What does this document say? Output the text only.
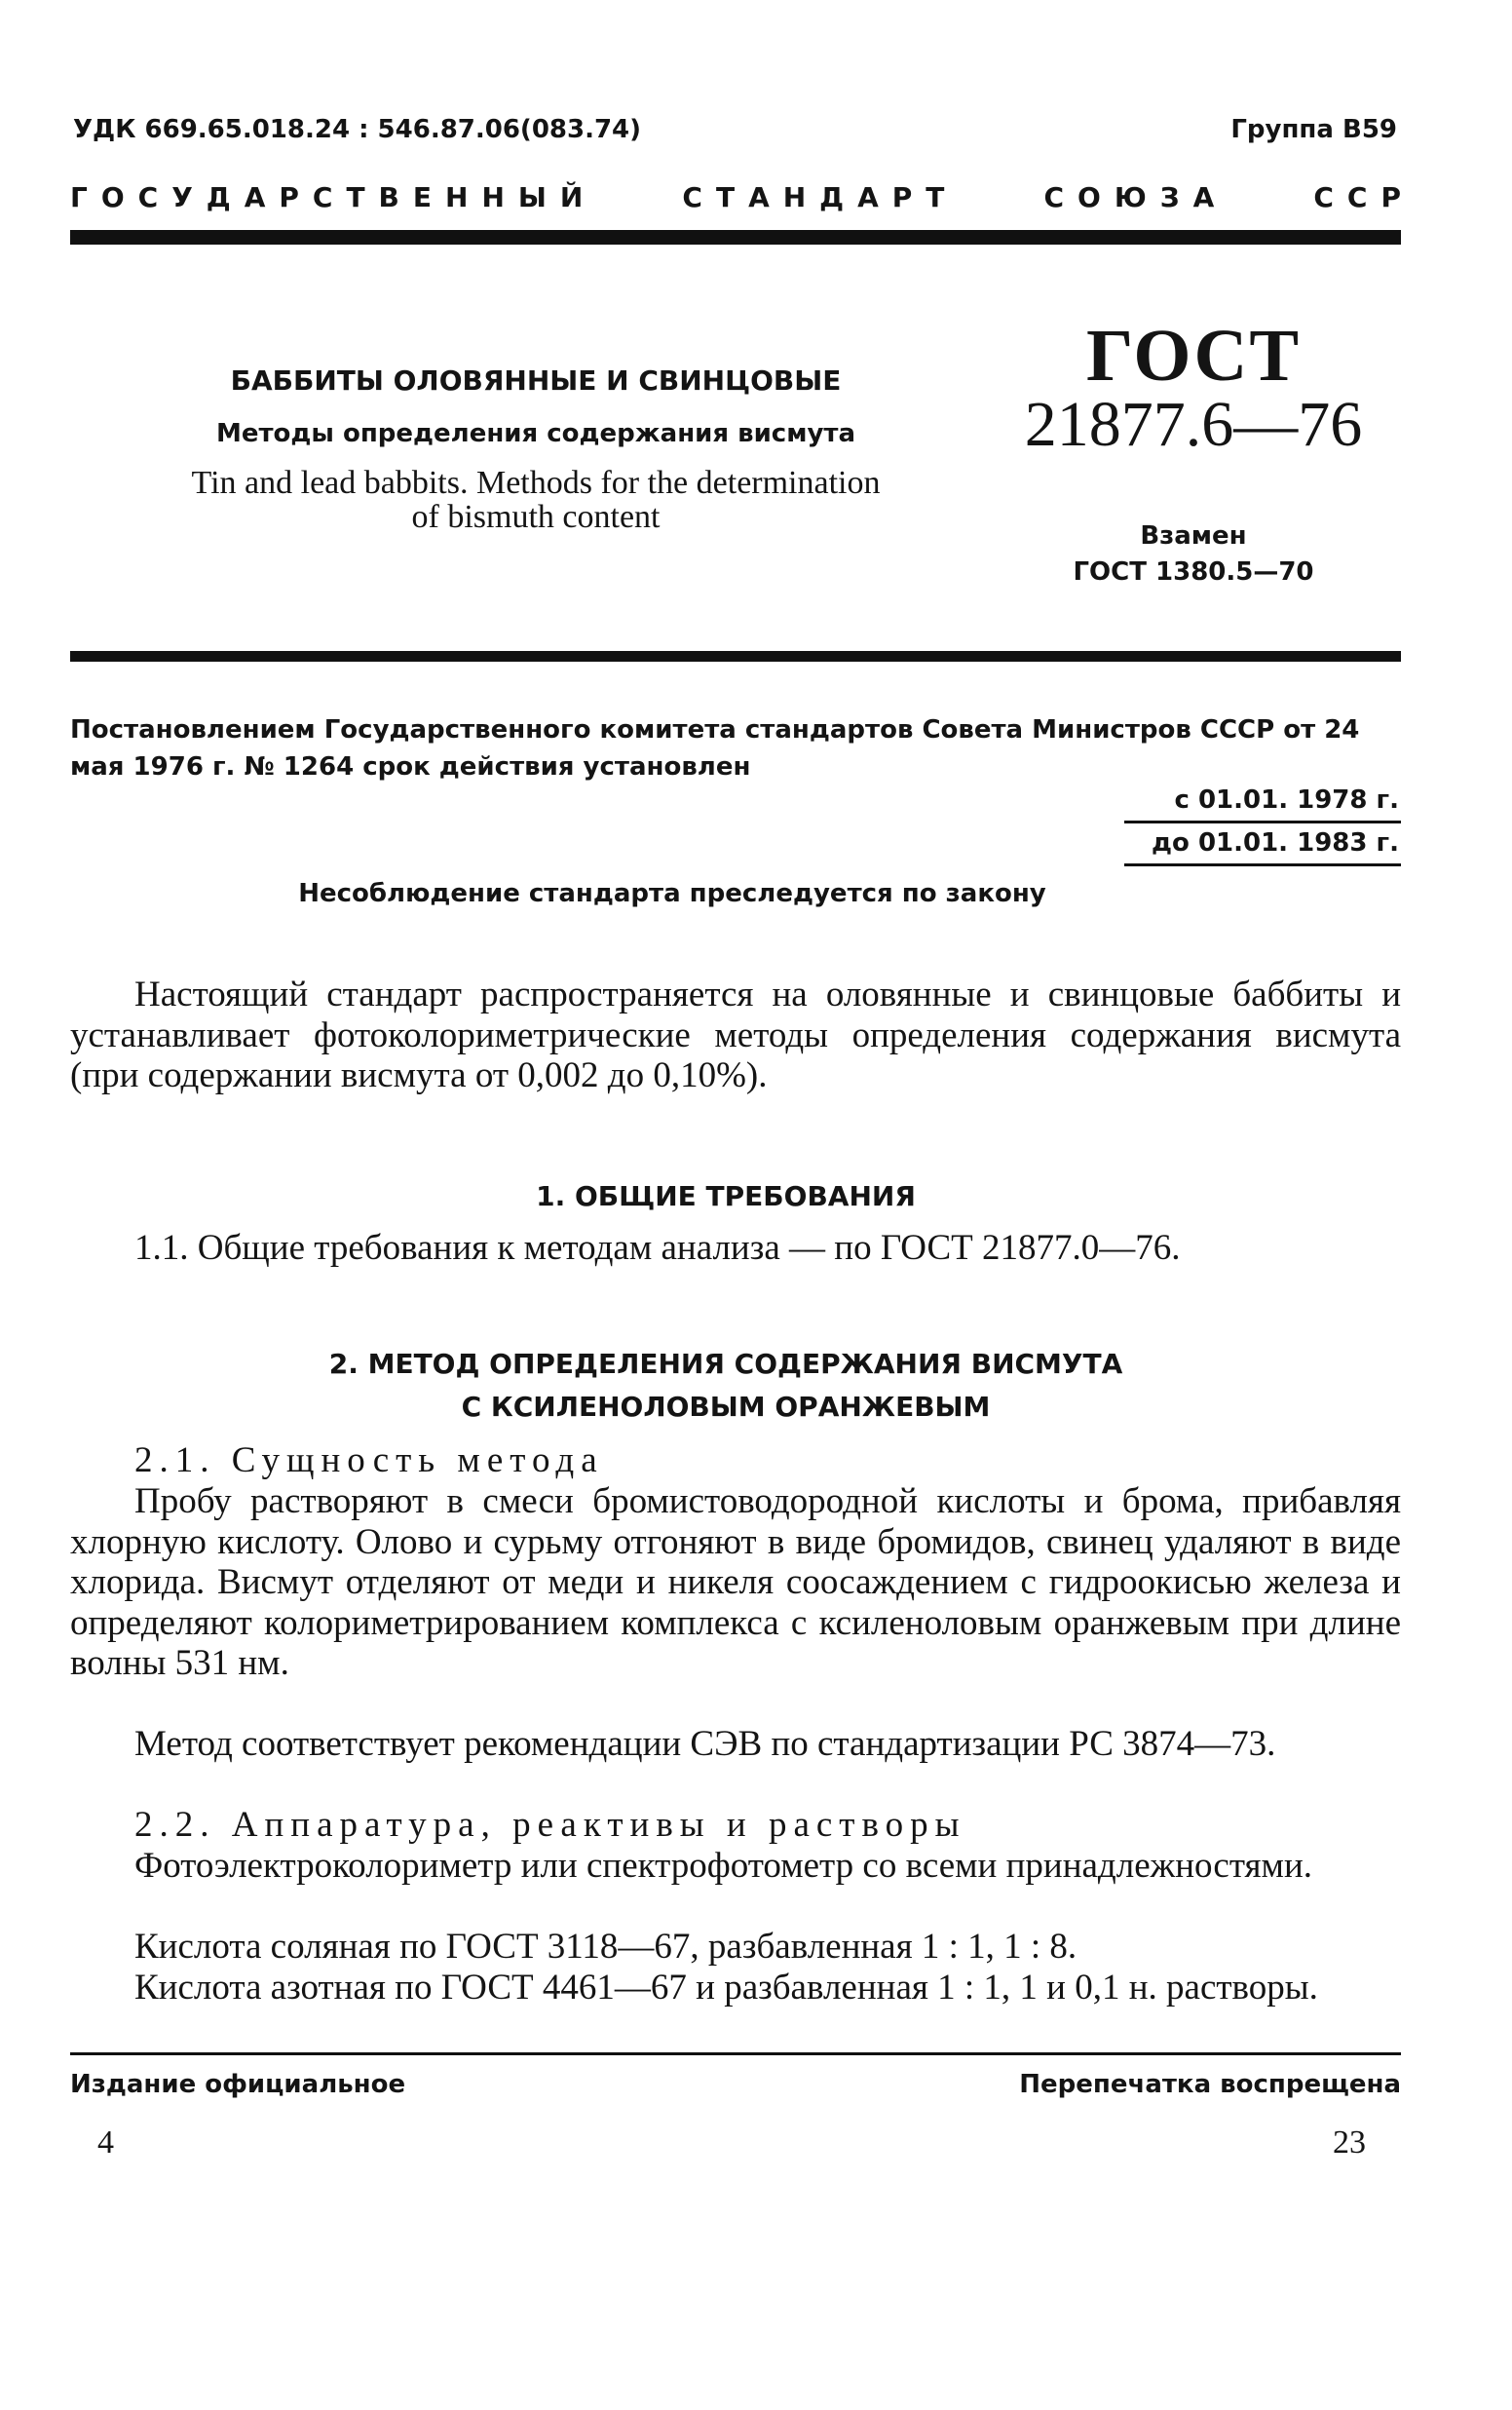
УДК 669.65.018.24 : 546.87.06(083.74)	Группа В59
Г О С У Д А Р С Т В Е Н Н Ы Й	С Т А Н Д А Р Т	С О Ю З А	С С Р
БАББИТЫ ОЛОВЯННЫЕ И СВИНЦОВЫЕ
Методы определения содержания висмута
Tin and lead babbits. Methods for the determination
of bismuth content
ГОСТ
21877.6—76
Взамен
ГОСТ 1380.5—70
Постановлением Государственного комитета стандартов Совета Министров СССР от 24 мая 1976 г. № 1264 срок действия установлен
с 01.01. 1978 г.
до 01.01. 1983 г.
Несоблюдение стандарта преследуется по закону
Настоящий стандарт распространяется на оловянные и свинцовые баббиты и устанавливает фотоколориметрические методы определения содержания висмута (при содержании висмута от 0,002 до 0,10%).
1. ОБЩИЕ ТРЕБОВАНИЯ
1.1. Общие требования к методам анализа — по ГОСТ 21877.0—76.
2. МЕТОД ОПРЕДЕЛЕНИЯ СОДЕРЖАНИЯ ВИСМУТА
С КСИЛЕНОЛОВЫМ ОРАНЖЕВЫМ
2.1. Сущность метода
Пробу растворяют в смеси бромистоводородной кислоты и брома, прибавляя хлорную кислоту. Олово и сурьму отгоняют в виде бромидов, свинец удаляют в виде хлорида. Висмут отделяют от меди и никеля соосаждением с гидроокисью железа и определяют колориметрированием комплекса с ксиленоловым оранжевым при длине волны 531 нм.
Метод соответствует рекомендации СЭВ по стандартизации РС 3874—73.
2.2. Аппаратура, реактивы и растворы
Фотоэлектроколориметр или спектрофотометр со всеми принадлежностями.
Кислота соляная по ГОСТ 3118—67, разбавленная 1 : 1, 1 : 8.
Кислота азотная по ГОСТ 4461—67 и разбавленная 1 : 1, 1 и 0,1 н. растворы.
Издание официальное	Перепечатка воспрещена
4	23
